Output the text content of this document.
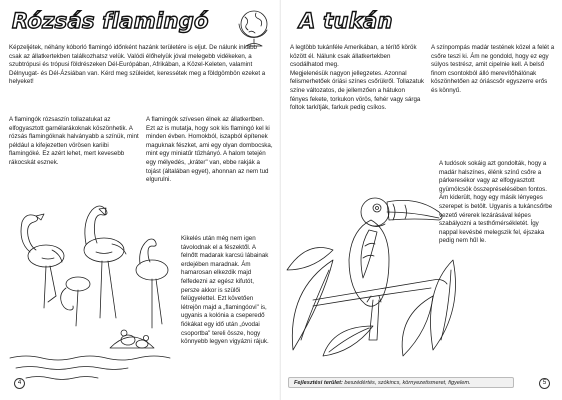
Rózsás flamingó
Képzeljétek, néhány kóborló flamingó időnként hazánk területére is eljut. De nálunk inkább csak az állatkertekben találkozhatsz velük. Valódi élőhelyük jóval melegebb vidékeken, a szubtrópusi és trópusi földrészeken Dél-Európában, Afrikában, a Közel-Keleten, valamint Délnyugat- és Dél-Ázsiában van. Kérd meg szüleidet, keressétek meg a földgömbön ezeket a helyeket!
A flamingók rózsaszín tollazatukat az elfogyasztott garnélarákoknak köszönhetik. A rózsás flamingóknak halványabb a színük, mint például a kifejezetten vörösen kariibi flamingóké. Ez azért lehet, mert kevesebb rákocskát esznek.
A flamingók szívesen élnek az állatkertben. Ezt az is mutatja, hogy sok kis flamingó kel ki minden évben. Homokból, iszapból építenek maguknak fészket, ami egy olyan dombocska, mint egy miniatűr tűzhányó. A halom tetején egy mélyedés, „kráter" van, ebbe rakják a tojást (általában egyet), ahonnan az nem tud elgurulni.
Kikelés után még nem igen távolodnak el a fészektől. A felnőtt madarak karcsú lábainak erdejében maradnak. Ám hamarosan elkezdik majd felfedezni az egész kifutót, persze akkor is szülői felügyelettel. Ezt követően létrejön majd a „flamingóovi" is, ugyanis a kolónia a cseperedő fiókákat egy idő után „óvodai csoportba" tereli össze, hogy könnyebb legyen vigyázni rájuk.
4
A tukán
A legtöbb tukánféle Amerikában, a térítő körök között él. Nálunk csak állatkertekben csodálhatod meg.
Megjelenésük nagyon jellegzetes. Azonnal felismerhetőek óriási színes csőrükről. Tollazatuk színe változatos, de jellemzően a hátukon fényes fekete, torkukon vörös, fehér vagy sárga foltok tarkítják, farkuk pedig csíkos.
A színpompás madár testének közel a felét a csőre teszi ki. Ám ne gondold, hogy ez egy súlyos testrész, amit cipelnie kell. A belső finom csontokból álló merevítőhálónak köszönhetően az óriáscsőr egyszerre erős és könnyű.
A tudósok sokáig azt gondolták, hogy a madár halszínes, élénk színű csőre a párkeresékor vagy az elfogyasztott gyümölcsök összepréselésében fontos. Ám kiderült, hogy egy másik lényeges szerepet is betölt. Ugyanis a tukáncsőrbe vezető vérerek lezárásával képes szabályozni a testhőmérsékletét. Így nappal kevésbé melegszik fel, éjszaka pedig nem hűl le.
5
Fejlesztési terület: beszédértés, szókincs, környezetismeret, figyelem.
